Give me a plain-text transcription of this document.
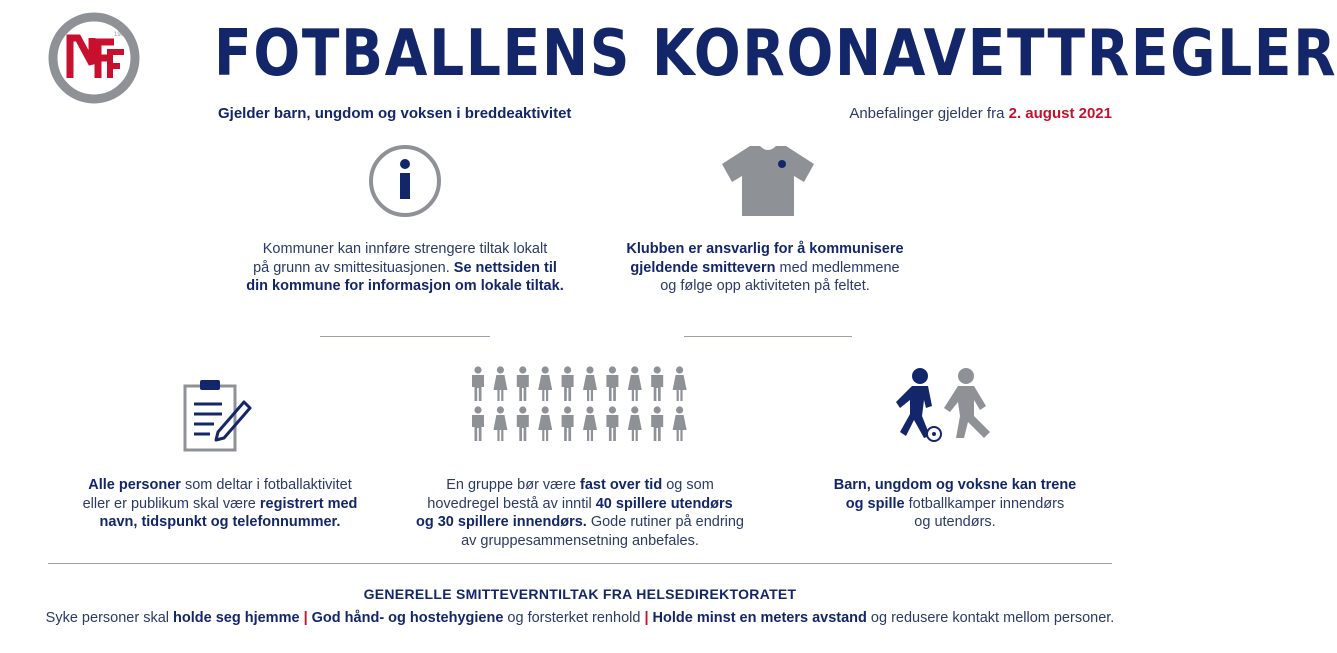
1902 FOTBALLENS KORONAVETTREGLER
Gjelder barn, ungdom og voksen i breddeaktivitet	Anbefalinger gjelder fra 2. august 2021

Kommuner kan innføre strengere tiltak lokalt

på grunn av smittesituasjonen. Se nettsiden til

din kommune for informasjon om lokale tiltak.

Klubben er ansvarlig for å kommunisere

gjeldende smittevern med medlemmene

og følge opp aktiviteten på feltet.

Alle personer som deltar i fotballaktivitet

eller er publikum skal være registrert med

navn, tidspunkt og telefonnummer.

En gruppe bør være fast over tid og som

hovedregel bestå av inntil 40 spillere utendørs

og 30 spillere innendørs. Gode rutiner på endring

av gruppesammensetning anbefales.

Barn, ungdom og voksne kan trene

og spille fotballkamper innendørs

og utendørs.

GENERELLE SMITTEVERNTILTAK FRA HELSEDIREKTORATET
Syke personer skal holde seg hjemme | God hånd- og hostehygiene og forsterket renhold | Holde minst en meters avstand og redusere kontakt mellom personer.
